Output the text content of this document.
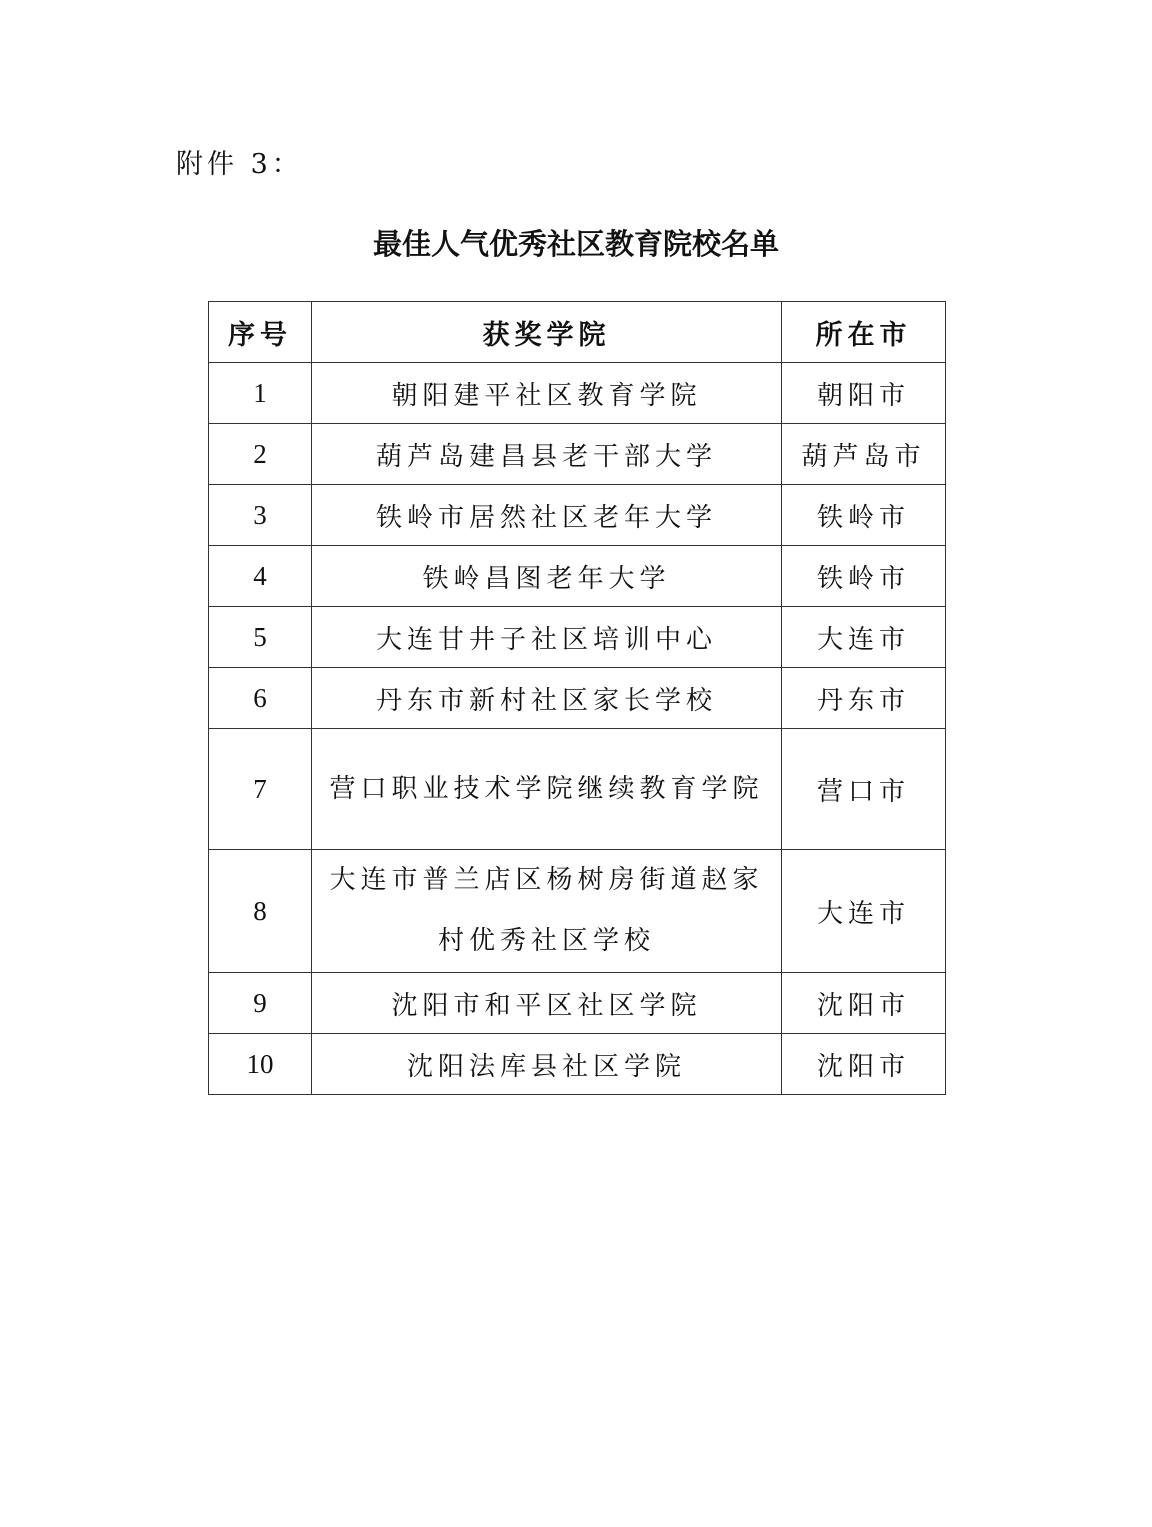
附件 3：
最佳人气优秀社区教育院校名单
序号	获奖学院	所在市
1	朝阳建平社区教育学院	朝阳市
2	葫芦岛建昌县老干部大学	葫芦岛市
3	铁岭市居然社区老年大学	铁岭市
4	铁岭昌图老年大学	铁岭市
5	大连甘井子社区培训中心	大连市
6	丹东市新村社区家长学校	丹东市
7	营口职业技术学院继续教育学院	营口市
8	大连市普兰店区杨树房街道赵家村优秀社区学校	大连市
9	沈阳市和平区社区学院	沈阳市
10	沈阳法库县社区学院	沈阳市
